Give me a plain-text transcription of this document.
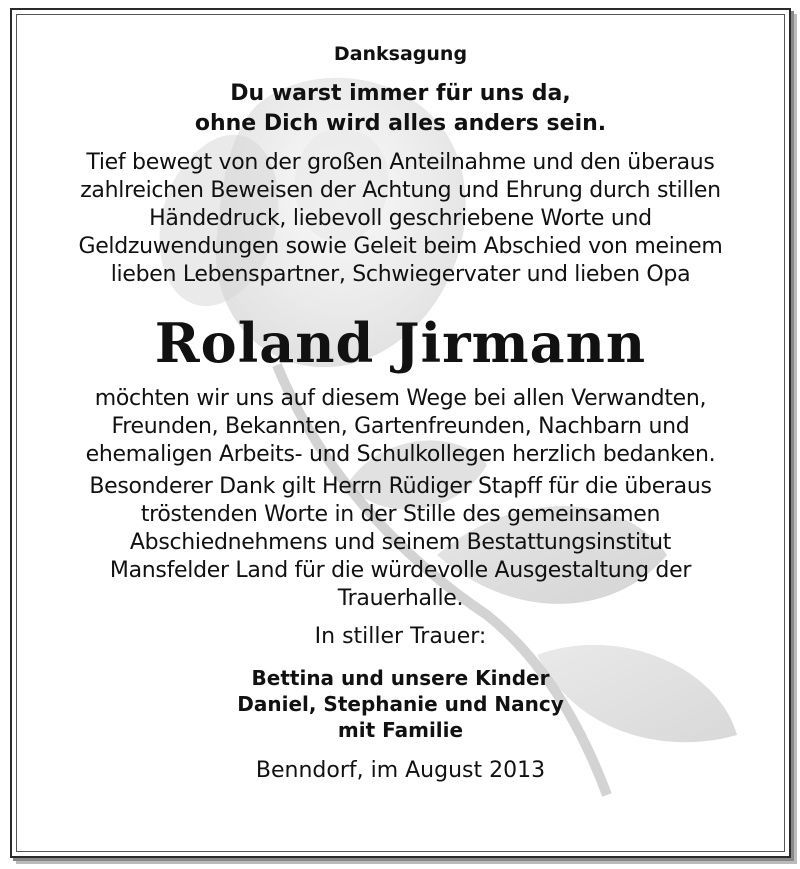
Danksagung
Du warst immer für uns da,
ohne Dich wird alles anders sein.
Tief bewegt von der großen Anteilnahme und den überaus
zahlreichen Beweisen der Achtung und Ehrung durch stillen
Händedruck, liebevoll geschriebene Worte und
Geldzuwendungen sowie Geleit beim Abschied von meinem
lieben Lebenspartner, Schwiegervater und lieben Opa
Roland Jirmann
möchten wir uns auf diesem Wege bei allen Verwandten,
Freunden, Bekannten, Gartenfreunden, Nachbarn und
ehemaligen Arbeits- und Schulkollegen herzlich bedanken.
Besonderer Dank gilt Herrn Rüdiger Stapff für die überaus
tröstenden Worte in der Stille des gemeinsamen
Abschiednehmens und seinem Bestattungsinstitut
Mansfelder Land für die würdevolle Ausgestaltung der
Trauerhalle.
In stiller Trauer:
Bettina und unsere Kinder
Daniel, Stephanie und Nancy
mit Familie
Benndorf, im August 2013
